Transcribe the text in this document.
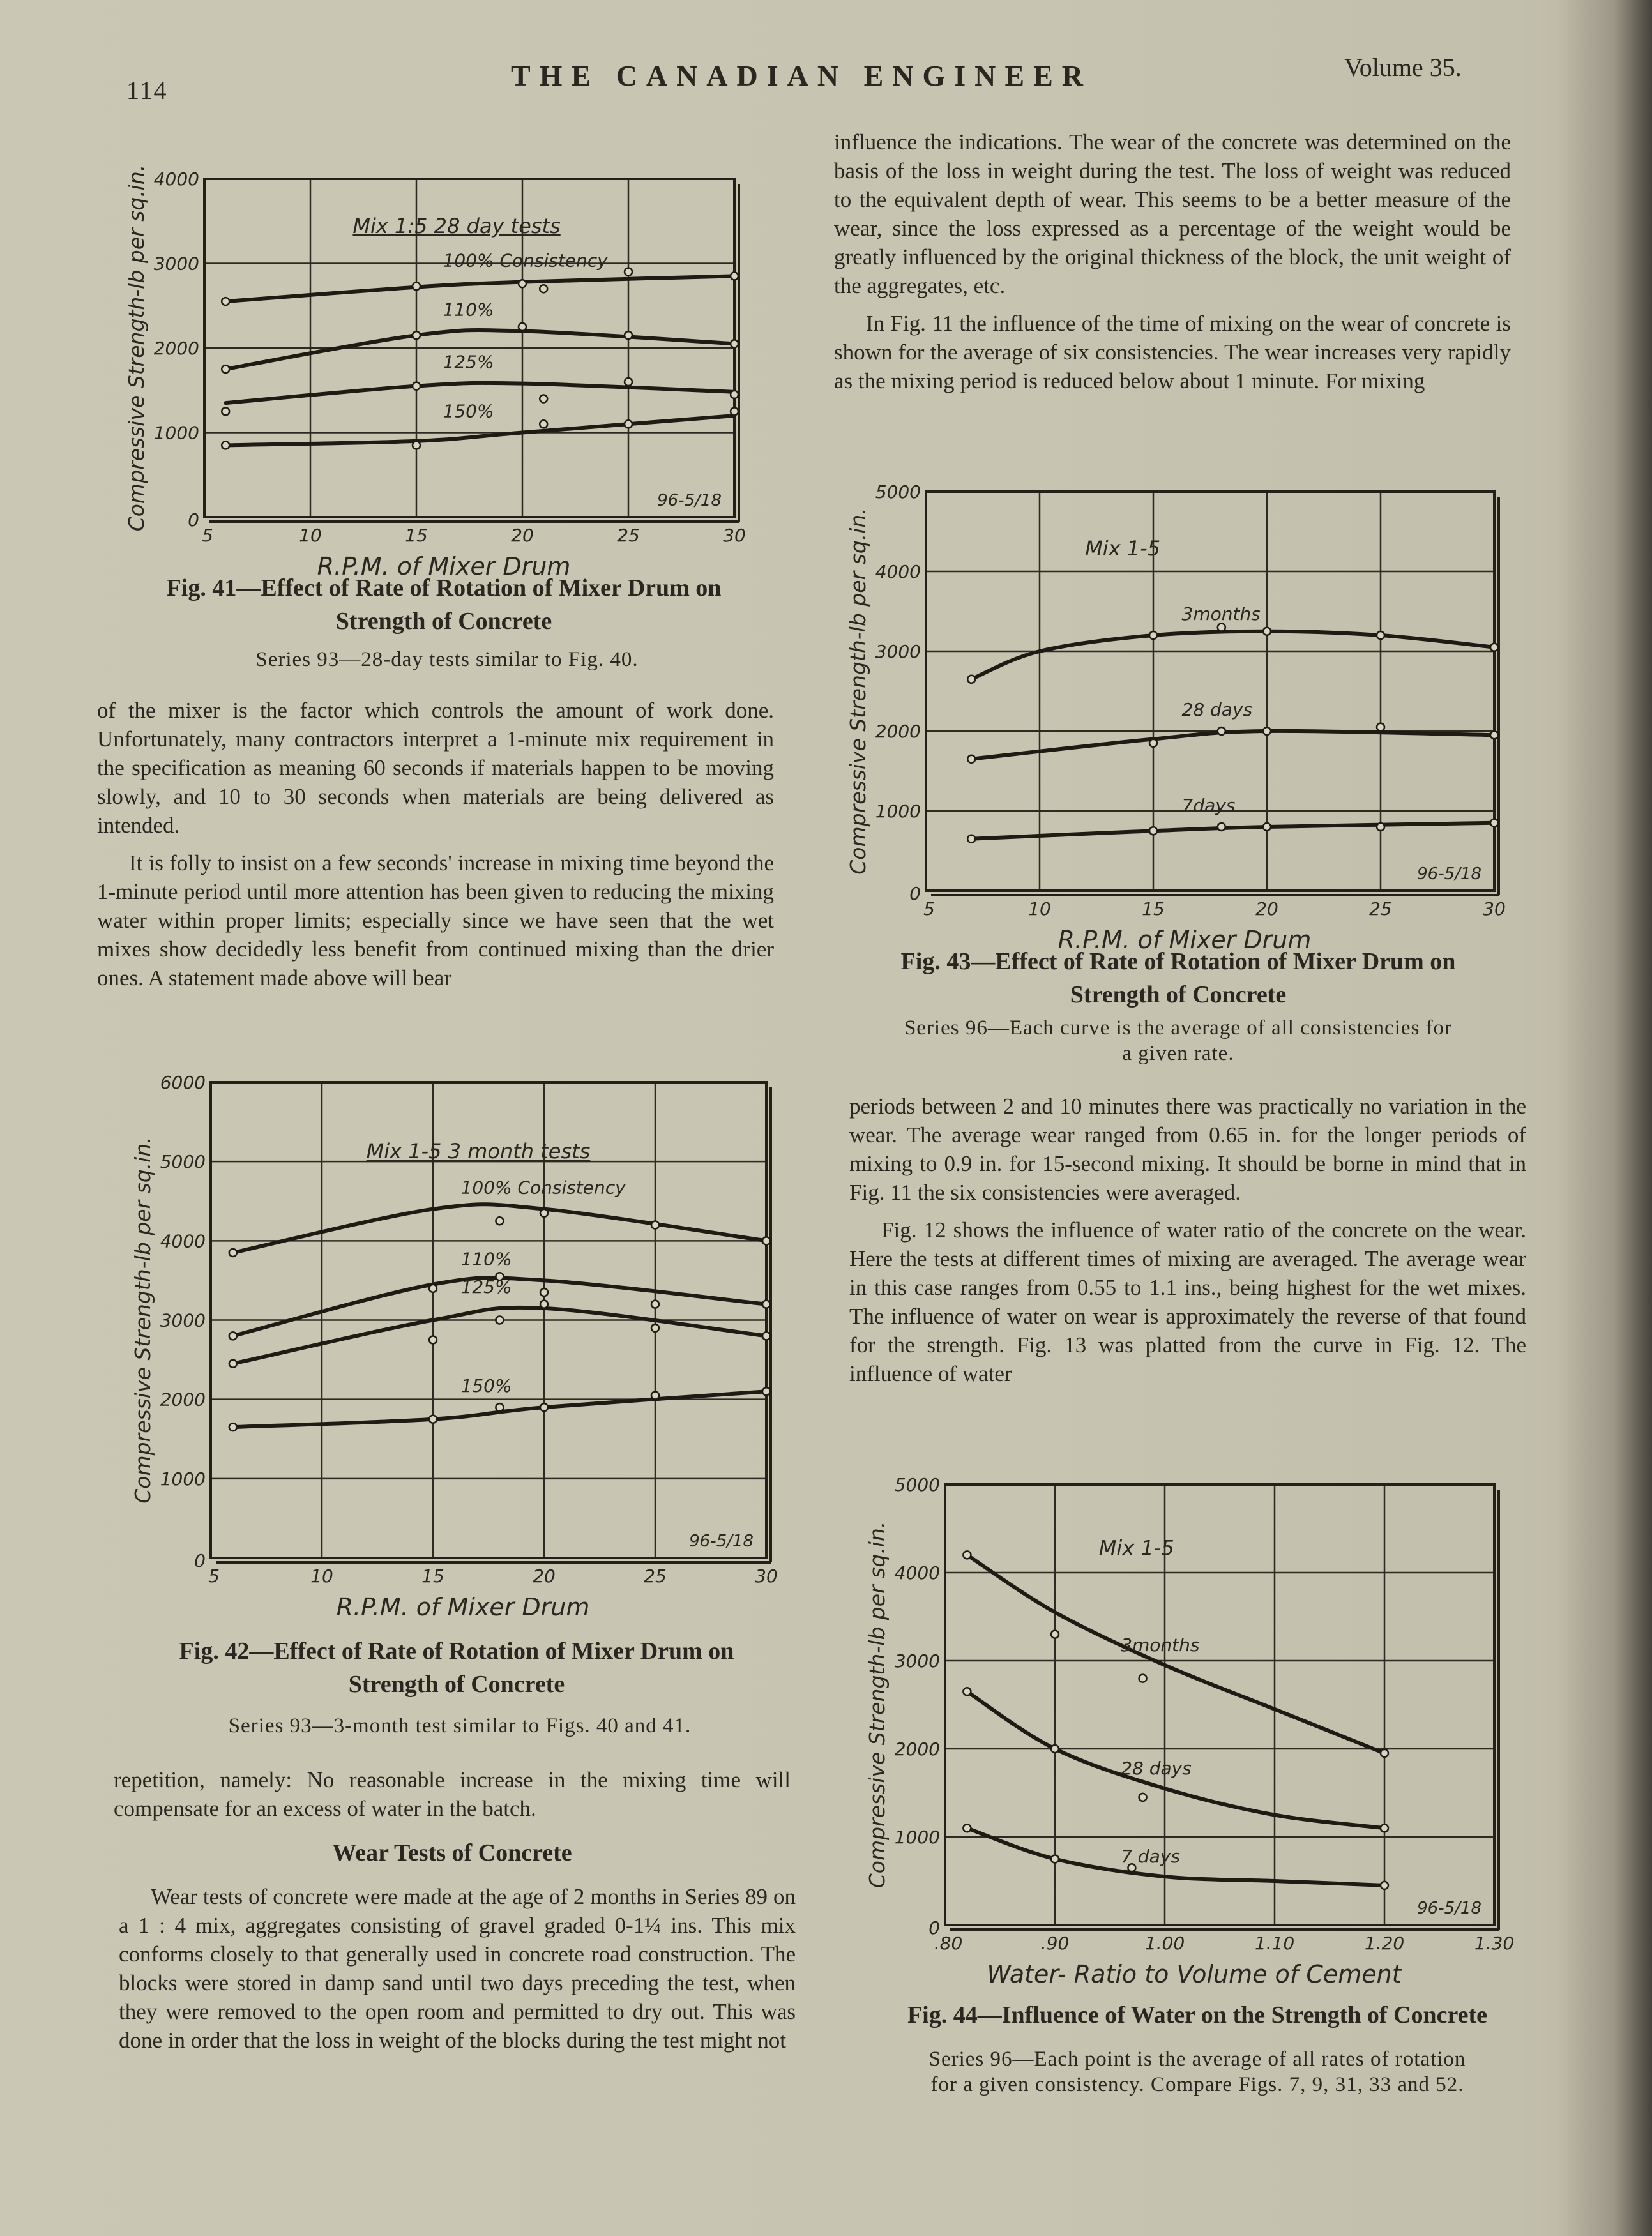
114	THE CANADIAN ENGINEER	Volume 35.
5	10	15	20	25	30
0
1000
2000
3000
4000
R.P.M. of Mixer Drum
Compressive Strength-lb per sq.in.	Mix 1:5 28 day tests
96-5/18
100% Consistency
110%
125%
150%
Fig. 41—Effect of Rate of Rotation of Mixer Drum on
Strength of Concrete
Series 93—28-day tests similar to Fig. 40.

of the mixer is the factor which controls the amount of work done. Unfortunately, many contractors interpret a 1-minute mix requirement in the specification as meaning 60 seconds if materials happen to be moving slowly, and 10 to 30 seconds when materials are being delivered as intended.

It is folly to insist on a few seconds' increase in mixing time beyond the 1-minute period until more attention has been given to reducing the mixing water within proper limits; especially since we have seen that the wet mixes show decidedly less benefit from continued mixing than the drier ones. A statement made above will bear

5	10	15	20	25	30
0
1000
2000
3000
4000
5000
6000
R.P.M. of Mixer Drum
Compressive Strength-lb per sq.in.	Mix 1-5 3 month tests
96-5/18
100% Consistency
110%
125%
150%
Fig. 42—Effect of Rate of Rotation of Mixer Drum on
Strength of Concrete
Series 93—3-month test similar to Figs. 40 and 41.

repetition, namely: No reasonable increase in the mixing time will compensate for an excess of water in the batch.

Wear Tests of Concrete

Wear tests of concrete were made at the age of 2 months in Series 89 on a 1 : 4 mix, aggregates consisting of gravel graded 0-1¼ ins. This mix conforms closely to that generally used in concrete road construction. The blocks were stored in damp sand until two days preceding the test, when they were removed to the open room and permitted to dry out. This was done in order that the loss in weight of the blocks during the test might not

influence the indications. The wear of the concrete was determined on the basis of the loss in weight during the test. The loss of weight was reduced to the equivalent depth of wear. This seems to be a better measure of the wear, since the loss expressed as a percentage of the weight would be greatly influenced by the original thickness of the block, the unit weight of the aggregates, etc.

In Fig. 11 the influence of the time of mixing on the wear of concrete is shown for the average of six consistencies. The wear increases very rapidly as the mixing period is reduced below about 1 minute. For mixing

5	10	15	20	25	30
0
1000
2000
3000
4000
5000
R.P.M. of Mixer Drum
Compressive Strength-lb per sq.in.	Mix 1-5
96-5/18
3months
28 days
7days
Fig. 43—Effect of Rate of Rotation of Mixer Drum on
Strength of Concrete
Series 96—Each curve is the average of all consistencies for
a given rate.

periods between 2 and 10 minutes there was practically no variation in the wear. The average wear ranged from 0.65 in. for the longer periods of mixing to 0.9 in. for 15-second mixing. It should be borne in mind that in Fig. 11 the six consistencies were averaged.

Fig. 12 shows the influence of water ratio of the concrete on the wear. Here the tests at different times of mixing are averaged. The average wear in this case ranges from 0.55 to 1.1 ins., being highest for the wet mixes. The influence of water on wear is approximately the reverse of that found for the strength. Fig. 13 was platted from the curve in Fig. 12. The influence of water

.80	.90	1.00	1.10	1.20	1.30
0
1000
2000
3000
4000
5000
Water- Ratio to Volume of Cement
Compressive Strength-lb per sq.in.	Mix 1-5
96-5/18
3months
28 days
7 days
Fig. 44—Influence of Water on the Strength of Concrete
Series 96—Each point is the average of all rates of rotation
for a given consistency. Compare Figs. 7, 9, 31, 33 and 52.
